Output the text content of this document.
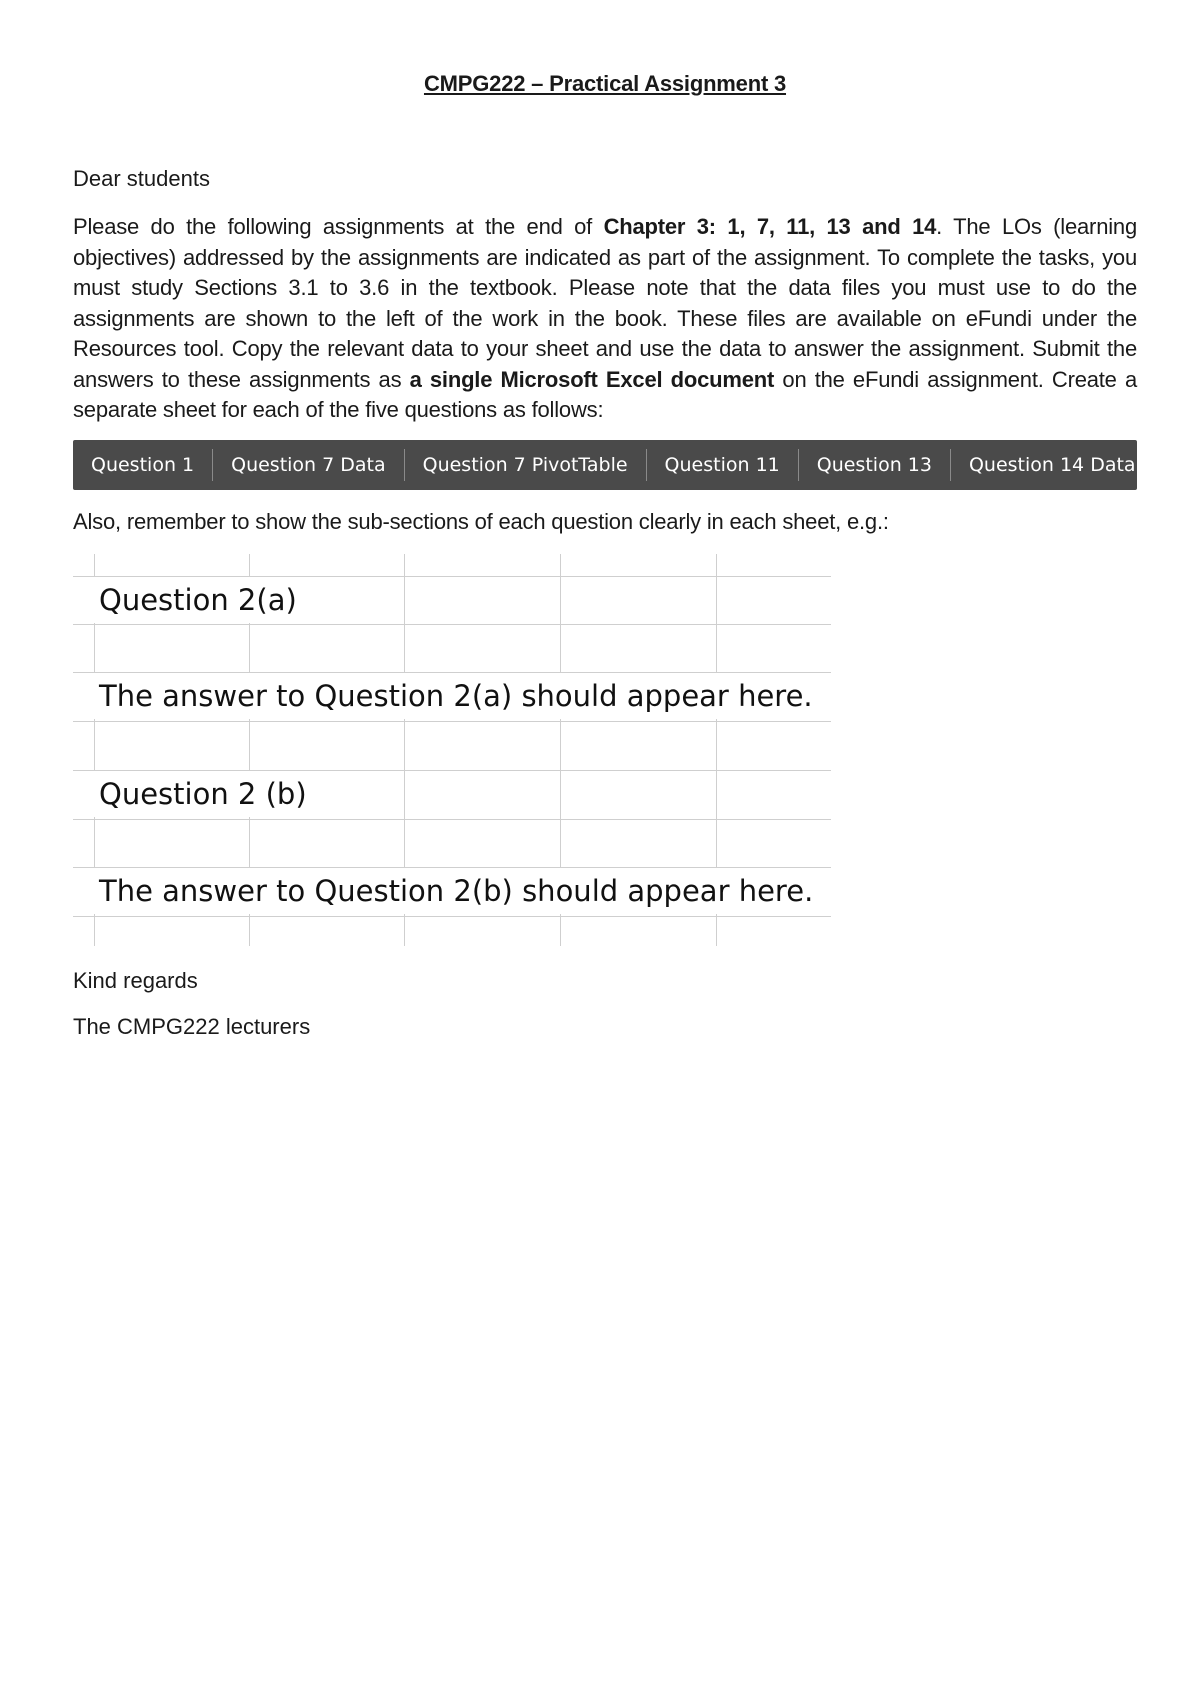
CMPG222 – Practical Assignment 3
Dear students
Please do the following assignments at the end of Chapter 3: 1, 7, 11, 13 and 14. The LOs (learning objectives) addressed by the assignments are indicated as part of the assignment. To complete the tasks, you must study Sections 3.1 to 3.6 in the textbook. Please note that the data files you must use to do the assignments are shown to the left of the work in the book. These files are available on eFundi under the Resources tool. Copy the relevant data to your sheet and use the data to answer the assignment. Submit the answers to these assignments as a single Microsoft Excel document on the eFundi assignment. Create a separate sheet for each of the five questions as follows:
Question 1	Question 7 Data	Question 7 PivotTable	Question 11	Question 13	Question 14 Data
Also, remember to show the sub-sections of each question clearly in each sheet, e.g.:
Question 2(a)
The answer to Question 2(a) should appear here.
Question 2 (b)
The answer to Question 2(b) should appear here.
Kind regards
The CMPG222 lecturers
